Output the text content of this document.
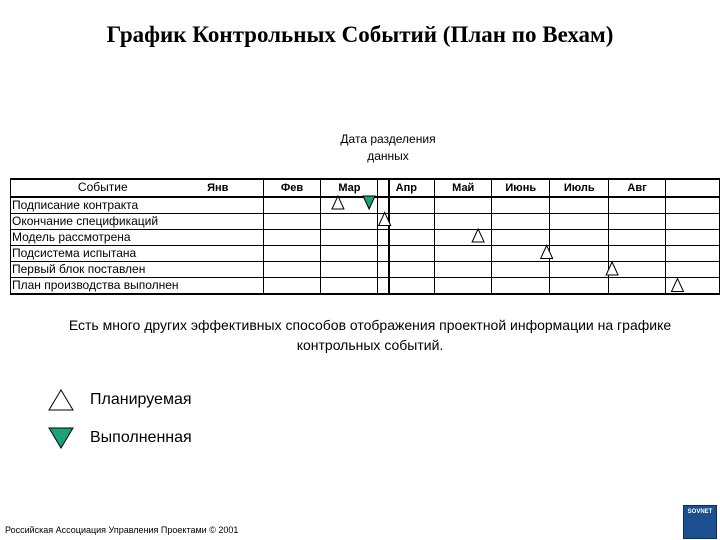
График Контрольных Событий (План по Вехам)
Дата разделения
данных
Событие Янв	Фев	Мар	Апр	Май	Июнь	Июль	Авг	
Подписание контракта								
Окончание спецификаций								
Модель рассмотрена								
Подсистема испытана								
Первый блок поставлен								
План производства выполнен								
Есть много других эффективных способов отображения проектной информации на графике контрольных событий.
Планируемая
Выполненная
Российская Ассоциация Управления Проектами © 2001
SOVNET
